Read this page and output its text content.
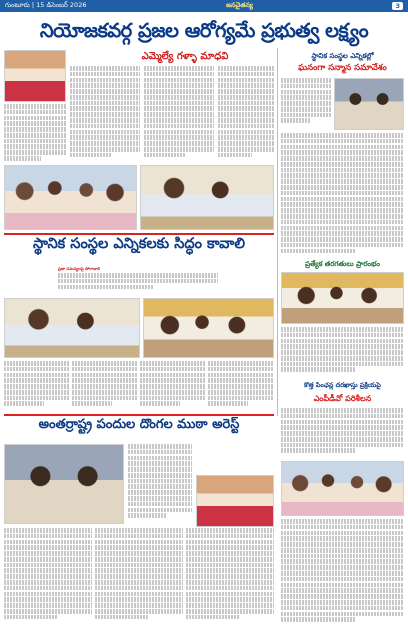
గుంటూరు | 15 డిసెంబర్ 2026	జనచైతన్య	3
నియోజకవర్గ ప్రజల ఆరోగ్యమే ప్రభుత్వ లక్ష్యం
ఎమ్మెల్యే గళ్ళా మాధవి	స్థానిక సంస్థల ఎన్నికల్లో
ఘనంగా సన్మాన సమావేశం
ప్రత్యేక తరగతులు ప్రారంభం
స్థానిక సంస్థల ఎన్నికలకు సిద్ధం కావాలి
ప్రజా సమస్యలపై పోరాడాలి
కొత్త పింఛన్ల దరఖాస్తు ప్రక్రియపై
ఎంపీడీవో పరిశీలన
అంతర్రాష్ట్ర పందుల దొంగల ముఠా అరెస్ట్
